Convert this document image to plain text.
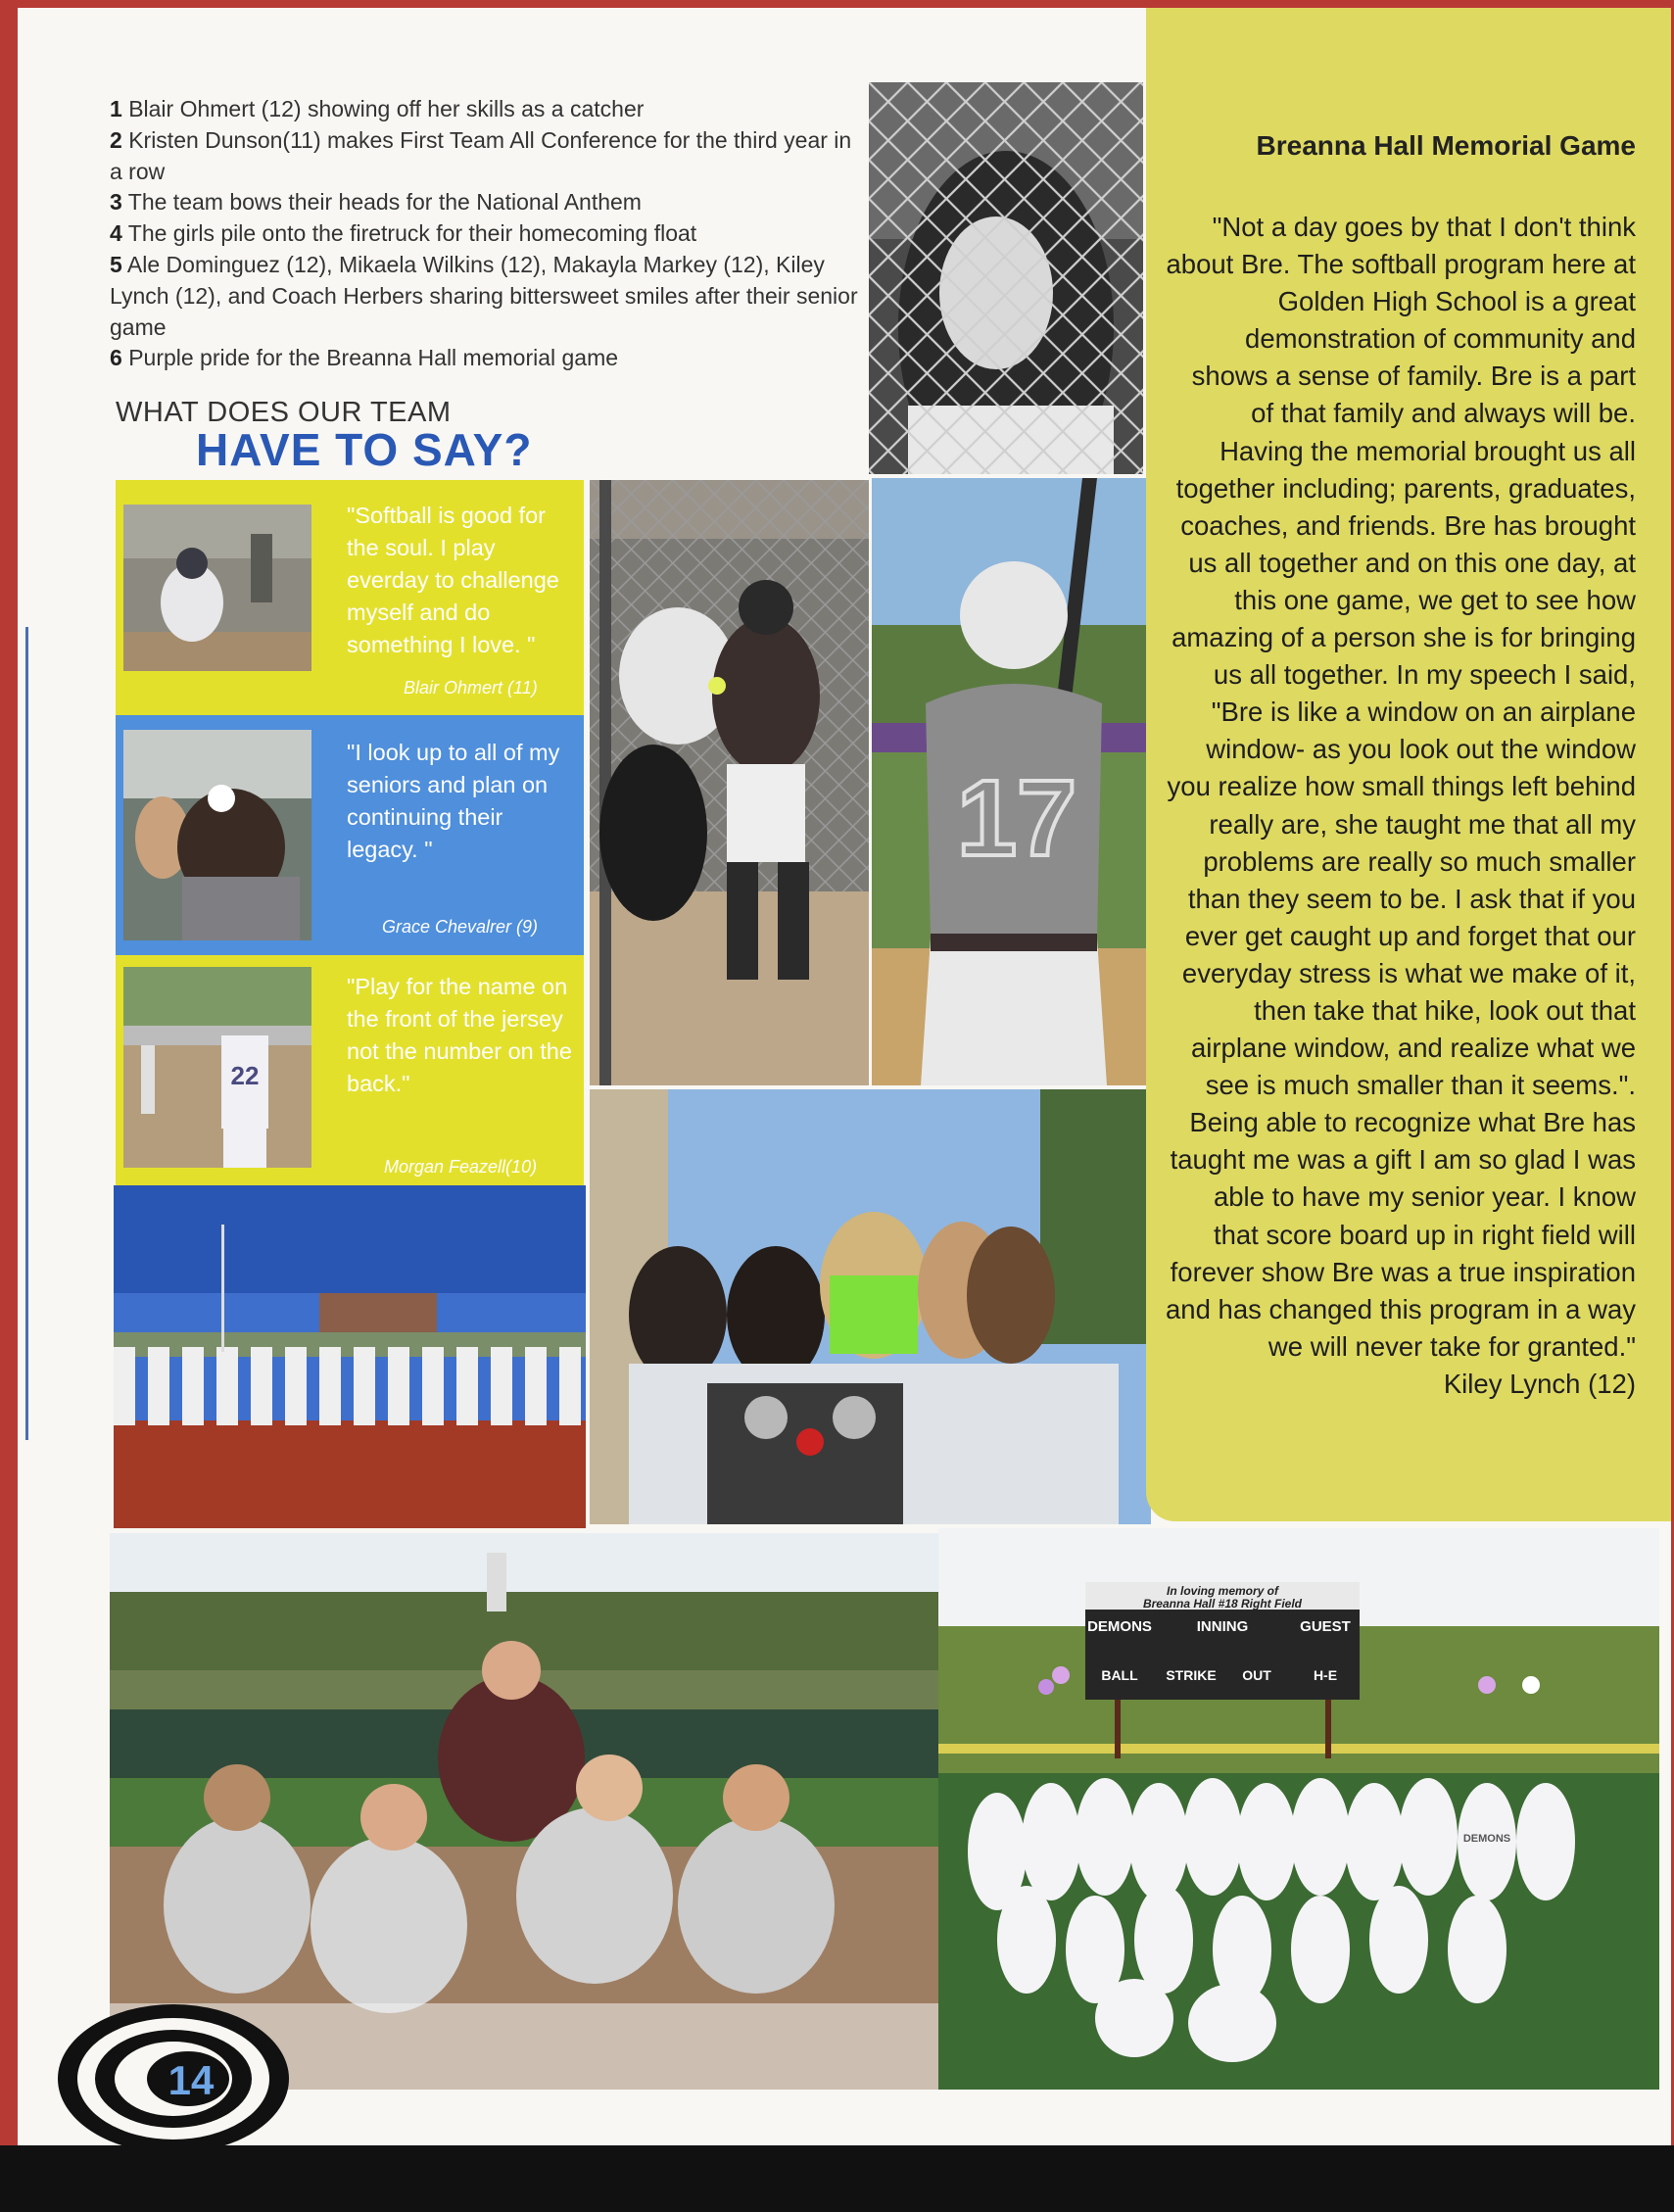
1 Blair Ohmert (12) showing off her skills as a catcher
2 Kristen Dunson(11) makes First Team All Conference for the third year in a row
3 The team bows their heads for the National Anthem
4 The girls pile onto the firetruck for their homecoming float
5 Ale Dominguez (12), Mikaela Wilkins (12), Makayla Markey (12), Kiley Lynch (12), and Coach Herbers sharing bittersweet smiles after their senior game
6 Purple pride for the Breanna Hall memorial game
WHAT DOES OUR TEAM
HAVE TO SAY?
"Softball is good for the soul. I play everday to challenge myself and do something I love. "
Blair Ohmert (11)
"I look up to all of my seniors and plan on continuing their legacy. "
Grace Chevalrer (9)
22
"Play for the name on the front of the jersey not the number on the back."
Morgan Feazell(10)
17
Breanna Hall Memorial Game
"Not a day goes by that I don't think about Bre. The softball program here at Golden High School is a great demonstration of community and shows a sense of family. Bre is a part of that family and always will be. Having the memorial brought us all together including; parents, graduates, coaches, and friends. Bre has brought us all together and on this one day, at this one game, we get to see how amazing of a person she is for bringing us all together. In my speech I said, "Bre is like a window on an airplane window- as you look out the window you realize how small things left behind really are, she taught me that all my problems are really so much smaller than they seem to be. I ask that if you ever get caught up and forget that our everyday stress is what we make of it, then take that hike, look out that airplane window, and realize what we see is much smaller than it seems.". Being able to recognize what Bre has taught me was a gift I am so glad I was able to have my senior year. I know that score board up in right field will forever show Bre was a true inspiration and has changed this program in a way we will never take for granted."
Kiley Lynch (12)
In loving memory of
Breanna Hall #18 Right Field
DEMONS	INNING	GUEST
BALL STRIKE OUT	H-E
DEMONS
14
